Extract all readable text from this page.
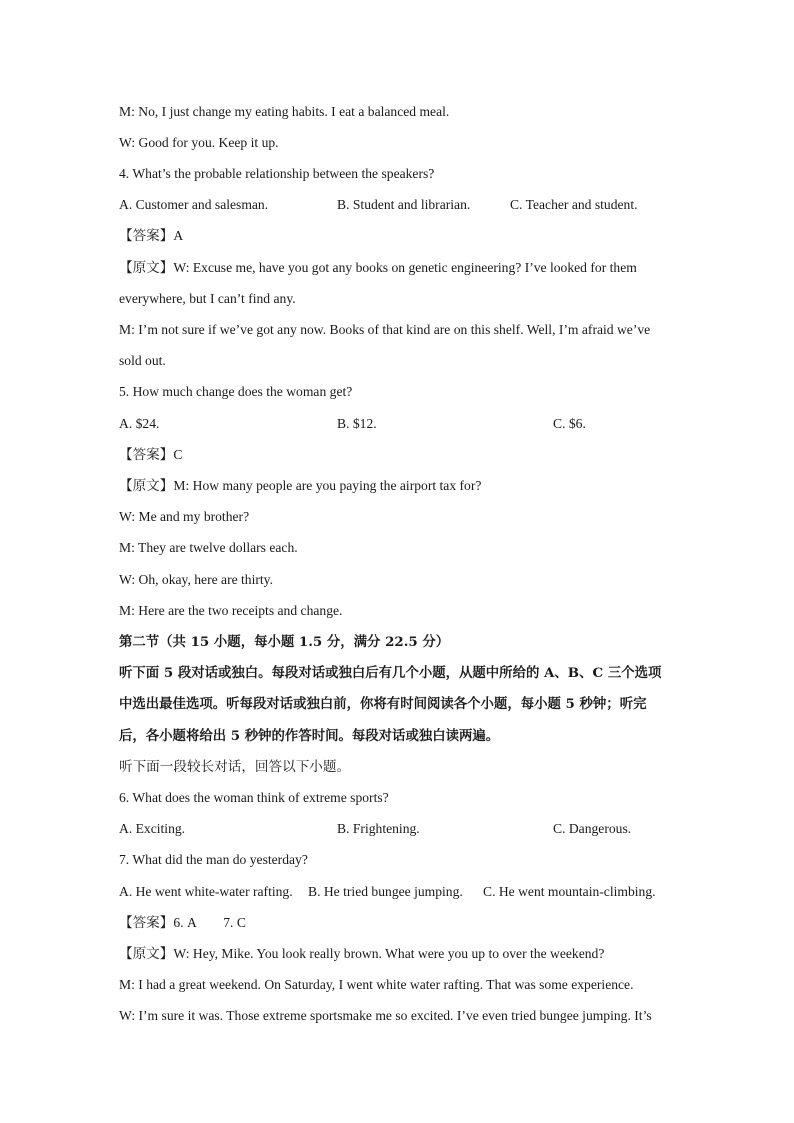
M: No, I just change my eating habits. I eat a balanced meal.
W: Good for you. Keep it up.
4. What’s the probable relationship between the speakers?
A. Customer and salesman.	B. Student and librarian.	C. Teacher and student.
【答案】A
【原文】W: Excuse me, have you got any books on genetic engineering? I’ve looked for them
everywhere, but I can’t find any.
M: I’m not sure if we’ve got any now. Books of that kind are on this shelf. Well, I’m afraid we’ve
sold out.
5. How much change does the woman get?
A. $24.	B. $12.	C. $6.
【答案】C
【原文】M: How many people are you paying the airport tax for?
W: Me and my brother?
M: They are twelve dollars each.
W: Oh, okay, here are thirty.
M: Here are the two receipts and change.
第二节（共 15 小题，每小题 1.5 分，满分 22.5 分）
听下面 5 段对话或独白。每段对话或独白后有几个小题，从题中所给的 A、B、C 三个选项
中选出最佳选项。听每段对话或独白前，你将有时间阅读各个小题，每小题 5 秒钟；听完
后，各小题将给出 5 秒钟的作答时间。每段对话或独白读两遍。
听下面一段较长对话，回答以下小题。
6. What does the woman think of extreme sports?
A. Exciting.	B. Frightening.	C. Dangerous.
7. What did the man do yesterday?
A. He went white-water rafting. B. He tried bungee jumping. C. He went mountain-climbing.
【答案】6. A        7. C
【原文】W: Hey, Mike. You look really brown. What were you up to over the weekend?
M: I had a great weekend. On Saturday, I went white water rafting. That was some experience.
W: I’m sure it was. Those extreme sportsmake me so excited. I’ve even tried bungee jumping. It’s
